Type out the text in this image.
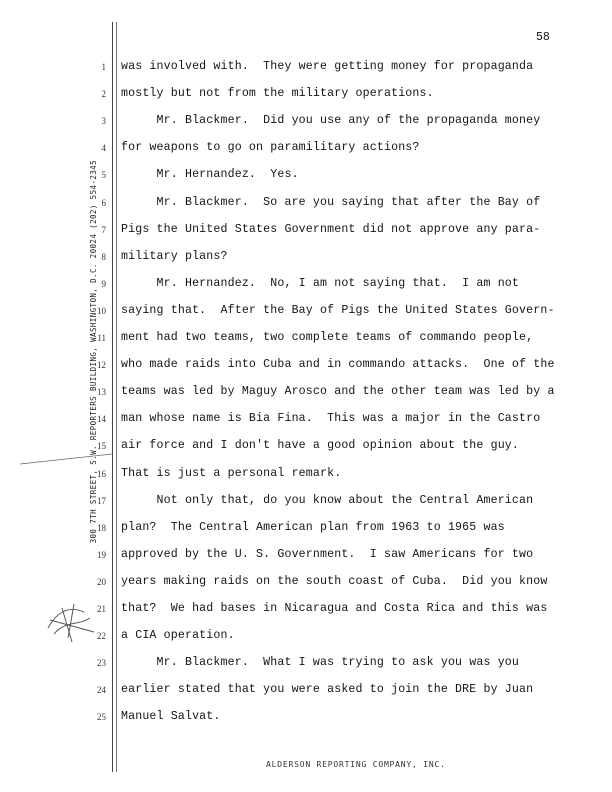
58
300 7TH STREET, S.W. REPORTERS BUILDING, WASHINGTON, D.C. 20024 (202) 554-2345
1 was involved with.  They were getting money for propaganda
2 mostly but not from the military operations.
3 Mr. Blackmer.  Did you use any of the propaganda money
4 for weapons to go on paramilitary actions?
5 Mr. Hernandez.  Yes.
6 Mr. Blackmer.  So are you saying that after the Bay of
7 Pigs the United States Government did not approve any para-
8 military plans?
9 Mr. Hernandez.  No, I am not saying that.  I am not
10 saying that.  After the Bay of Pigs the United States Govern-
11 ment had two teams, two complete teams of commando people,
12 who made raids into Cuba and in commando attacks.  One of the
13 teams was led by Maguy Arosco and the other team was led by a
14 man whose name is Bia Fina.  This was a major in the Castro
15 air force and I don't have a good opinion about the guy.
16 That is just a personal remark.
17 Not only that, do you know about the Central American
18 plan?  The Central American plan from 1963 to 1965 was
19 approved by the U. S. Government.  I saw Americans for two
20 years making raids on the south coast of Cuba.  Did you know
21 that?  We had bases in Nicaragua and Costa Rica and this was
22 a CIA operation.
23 Mr. Blackmer.  What I was trying to ask you was you
24 earlier stated that you were asked to join the DRE by Juan
25 Manuel Salvat.
ALDERSON REPORTING COMPANY, INC.
